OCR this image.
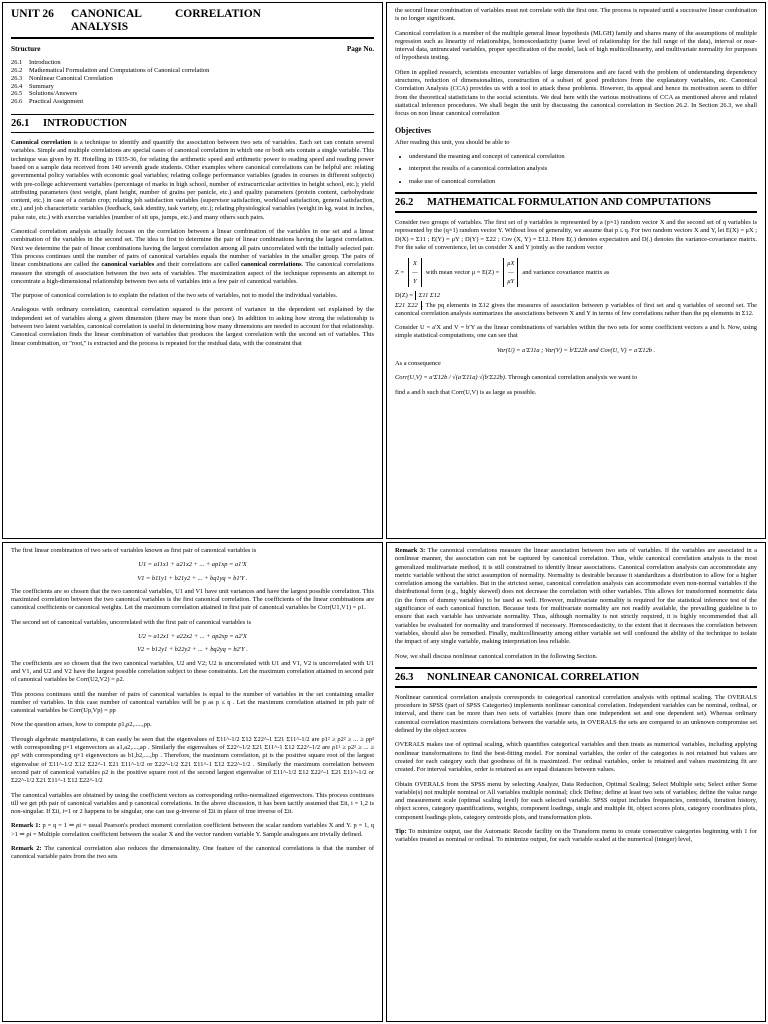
UNIT 26 CANONICAL CORRELATION ANALYSIS
Structure	Page No.
26.1 Introduction
26.2 Mathematical Formulation and Computations of Canonical correlation
26.3 Nonlinear Canonical Correlation
26.4 Summary
26.5 Solutions/Answers
26.6 Practical Assignment
26.1 INTRODUCTION

Canonical correlation is a technique to identify and quantify the association between two sets of variables. Each set can contain several variables. Simple and multiple correlations are special cases of canonical correlation in which one or both sets contain a single variable. This technique was given by H. Hotelling in 1935-36, for relating the arithmetic speed and arithmetic power to reading speed and reading power based on a sample data received from 140 seventh grade students. Other examples where canonical correlations can be helpful are: relating governmental policy variables with economic goal variables; relating college performance variables (grades in courses in different subjects) with pre-college achievement variables (percentage of marks in high school, number of extracurricular activities in height school, etc.); yield attributing parameters (test weight, plant height, number of grains per panicle, etc.) and quality parameters (protein content, carbohydrate content, etc.) in case of a certain crop; relating job satisfaction variables (supervisor satisfaction, workload satisfaction, general satisfaction, etc.) and job characteristic variables (feedback, task identity, task variety, etc.); relating physiological variables (weight in kg, waist in inches, pulse rate, etc.) with exercise variables (number of sit ups, jumps, etc.) and many others such pairs.

Canonical correlation analysis actually focuses on the correlation between a linear combination of the variables in one set and a linear combination of the variables in the second set. The idea is first to determine the pair of linear combinations having the largest correlation. Next we determine the pair of linear combinations having the largest correlation among all pairs uncorrelated with the initially selected pair. This process continues until the number of pairs of canonical variables equals the number of variables in the smaller group. The pairs of linear combinations are called the canonical variables and their correlations are called canonical correlations. The canonical correlations measure the strength of association between the two sets of variables. The maximization aspect of the technique represents an attempt to concentrate a high-dimensional relationship between two sets of variables into a few pair of canonical variables.

The purpose of canonical correlation is to explain the relation of the two sets of variables, not to model the individual variables.

Analogous with ordinary correlation, canonical correlation squared is the percent of variance in the dependent set explained by the independent set of variables along a given dimension (there may be more than one). In addition to asking how strong the relationship is between two latent variables, canonical correlation is useful in determining how many dimensions are needed to account for that relationship. Canonical correlation finds the linear combination of variables that produces the largest correlation with the second set of variables. This linear combination, or "root," is extracted and the process is repeated for the residual data, with the constraint that

the second linear combination of variables must not correlate with the first one. The process is repeated until a successive linear combination is no longer significant.

Canonical correlation is a member of the multiple general linear hypothesis (MLGH) family and shares many of the assumptions of multiple regression such as linearity of relationships, homoscedasticity (same level of relationship for the full range of the data), interval or near-interval data, untruncated variables, proper specification of the model, lack of high multicollinearity, and multivariate normality for purposes of hypothesis testing.

Often in applied research, scientists encounter variables of large dimensions and are faced with the problem of understanding dependency structures, reduction of dimensionalities, construction of a subset of good predictors from the explanatory variables, etc. Canonical Correlation Analysis (CCA) provides us with a tool to attack these problems. However, its appeal and hence its motivation seem to differ from the theoretical statisticians to the social scientists. We deal here with the various motivations of CCA as mentioned above and related statistical inference procedures. We shall begin the unit by discussing the canonical correlation in Section 26.2. In Section 26.3, we shall focus on non linear canonical correlation

Objectives

After reading this unit, you should be able to

• understand the meaning and concept of canonical correlation
• interpret the results of a canonical correlation analysis
• make use of canonical correlation
26.2 MATHEMATICAL FORMULATION AND COMPUTATIONS

Consider two groups of variables. The first set of p variables is represented by a (p×1) random vector X and the second set of q variables is represented by the (q×1) random vector Y. Without loss of generality, we assume that p ≤ q. For two random vectors X and Y, let E(X) = μX ; D(X) = Σ11 ; E(Y) = μY ; D(Y) = Σ22 ; Cov (X, Y) = Σ12. Here E(.) denotes expectation and D(.) denotes the variance-covariance matrix. For the sake of convenience, let us consider X and Y jointly as the random vector

Z =
X
—
Y
with mean vector μ = E(Z) =
μX
—
μY
and variance covariance matrix as

D(Z) = Σ11 Σ12
Σ21 Σ22 . The pq elements in Σ12 gives the measures of association between p variables of first set and q variables of second set. The canonical correlation analysis summarizes the associations between X and Y in terms of few correlations rather than the pq elements in Σ12.

Consider U = a′X and V = b′Y as the linear combinations of variables within the two sets for some coefficient vectors a and b. Now, using simple statistical computations, one can see that

Var(U) = a′Σ11a ; Var(V) = b′Σ22b and Cov(U, V) = a′Σ12b .

As a consequence

Corr(U,V) = a′Σ12b / √(a′Σ11a) √(b′Σ22b). Through canonical correlation analysis we want to

find a and b such that Corr(U,V) is as large as possible.

The first linear combination of two sets of variables known as first pair of canonical variables is

U1 = a11x1 + a21x2 + ... + ap1xp = a1′X
V1 = b11y1 + b21y2 + ... + bq1yq = b1′Y .

The coefficients are so chosen that the two canonical variables, U1 and V1 have unit variances and have the largest possible correlation. This maximized correlation between the two canonical variables is the first canonical correlation. The coefficients of the linear combinations are canonical coefficients or canonical weights. Let the maximum correlation attained in first pair of canonical variables be Corr(U1,V1) = ρ1.

The second set of canonical variables, uncorrelated with the first pair of canonical variables is

U2 = a12x1 + a22x2 + ... + ap2xp = a2′X
V2 = b12y1 + b22y2 + ... + bq2yq = b2′Y .

The coefficients are so chosen that the two canonical variables, U2 and V2; U2 is uncorrelated with U1 and V1, V2 is uncorrelated with U1 and V1, and U2 and V2 have the largest possible correlation subject to these constraints. Let the maximum correlation attained in second pair of canonical variables be Corr(U2,V2) = ρ2.

This process continues until the number of pairs of canonical variables is equal to the number of variables in the set containing smaller number of variables. In this case number of canonical variables will be p as p ≤ q . Let the maximum correlation attained in pth pair of canonical variables be Corr(Up,Vp) = ρp

Now the question arises, how to compute ρ1,ρ2,.....,ρp.

Through algebraic manipulations, it can easily be seen that the eigenvalues of Σ11^-1/2 Σ12 Σ22^-1 Σ21 Σ11^-1/2 are ρ1² ≥ ρ2² ≥ ... ≥ ρp² with corresponding p×1 eigenvectors as a1,a2,....,ap . Similarly the eigenvalues of Σ22^-1/2 Σ21 Σ11^-1 Σ12 Σ22^-1/2 are ρ1² ≥ ρ2² ≥ ... ≥ ρp² with corresponding q×1 eigenvectors as b1,b2,....,bp . Therefore, the maximum correlation, ρi is the positive square root of the largest eigenvalue of Σ11^-1/2 Σ12 Σ22^-1 Σ21 Σ11^-1/2 or Σ22^-1/2 Σ21 Σ11^-1 Σ12 Σ22^-1/2 . Similarly the maximum correlation between second pair of canonical variables ρ2 is the positive square root of the second largest eigenvalue of Σ11^-1/2 Σ12 Σ22^-1 Σ21 Σ11^-1/2 or Σ22^-1/2 Σ21 Σ11^-1 Σ12 Σ22^-1/2

The canonical variables are obtained by using the coefficient vectors as corresponding ortho-normalized eigenvectors. This process continues till we get pth pair of canonical variables and p canonical correlations. In the above discussion, it has been tacitly assumed that Σii, i = 1,2 is non-singular. If Σii, i=1 or 2 happens to be singular, one can use g-inverse of Σii in place of true inverse of Σii.

Remark 1: p = q = 1 ⇒ ρi = usual Pearson's product moment correlation coefficient between the scalar random variables X and Y. p = 1, q >1 ⇒ ρi = Multiple correlation coefficient between the scalar X and the vector random variable Y. Sample analogues are trivially defined.

Remark 2: The canonical correlation also reduces the dimensionality. One feature of the canonical correlations is that the number of canonical variable pairs from the two sets

Remark 3: The canonical correlations measure the linear association between two sets of variables. If the variables are associated in a nonlinear manner, the association can not be captured by canonical correlation. Thus, while canonical correlation analysis is the most generalized multivariate method, it is still constrained to identify linear associations. Canonical correlation analysis can accommodate any metric variable without the strict assumption of normality. Normality is desirable because it standardizes a distribution to allow for a higher correlation among the variables. But in the strictest sense, canonical correlation analysis can accommodate even non-normal variables if the distributional form (e.g., highly skewed) does not decrease the correlation with other variables. This allows for transformed nonmetric data (in the form of dummy variables) to be used as well. However, multivariate normality is required for the statistical inference test of the significance of each canonical function. Because tests for multivariate normality are not readily available, the prevailing guideline is to ensure that each variable has univariate normality. Thus, although normality is not strictly required, it is highly recommended that all variables be evaluated for normality and transformed if necessary. Homoscedasticity, to the extent that it decreases the correlation between variables, should also be remedied. Finally, multicollinearity among either variable set will confound the ability of the technique to isolate the impact of any single variable, making interpretation less reliable.

Now, we shall discuss nonlinear canonical correlation in the following Section.

26.3 NONLINEAR CANONICAL CORRELATION

Nonlinear canonical correlation analysis corresponds to categorical canonical correlation analysis with optimal scaling. The OVERALS procedure in SPSS (part of SPSS Categories) implements nonlinear canonical correlation. Independent variables can be nominal, ordinal, or interval, and there can be more than two sets of variables (more than one independent set and one dependent set). Whereas ordinary canonical correlation maximizes correlations between the variable sets, in OVERALS the sets are compared to an unknown compromise set defined by the object scores

OVERALS makes use of optimal scaling, which quantifies categorical variables and then treats as numerical variables, including applying nonlinear transformations to find the best-fitting model. For nominal variables, the order of the categories is not retained but values are created for each category such that goodness of fit is maximized. For ordinal variables, order is retained and values maximizing fit are created. For interval variables, order is retained as are equal distances between values.

Obtain OVERALS from the SPSS menu by selecting Analyze, Data Reduction, Optimal Scaling; Select Multiple sets; Select either Some variable(s) not multiple nominal or All variables multiple nominal; click Define; define at least two sets of variables; define the value range and measurement scale (optimal scaling level) for each selected variable. SPSS output includes frequencies, centroids, iteration history, object scores, category quantifications, weights, component loadings, single and multiple fit, object scores plots, category coordinates plots, component loadings plots, category centroids plots, and transformation plots.

Tip: To minimize output, use the Automatic Recode facility on the Transform menu to create consecutive categories beginning with 1 for variables treated as nominal or ordinal. To minimize output, for each variable scaled at the numerical (integer) level,
